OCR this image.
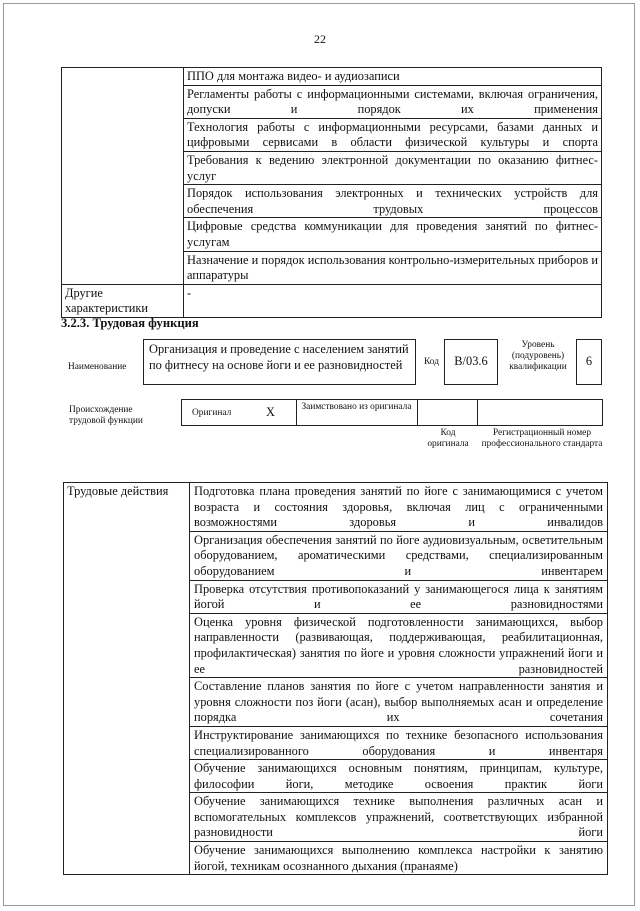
22
	ППО для монтажа видео- и аудиозаписи
	Регламенты работы с информационными системами, включая ограничения, допуски и порядок их применения
	Технология работы с информационными ресурсами, базами данных и цифровыми сервисами в области физической культуры и спорта
	Требования к ведению электронной документации по оказанию фитнес-услуг
	Порядок использования электронных и технических устройств для обеспечения трудовых процессов
	Цифровые средства коммуникации для проведения занятий по фитнес-услугам
	Назначение и порядок использования контрольно-измерительных приборов и аппаратуры
Другие характеристики	-
3.2.3. Трудовая функция
Наименование
Организация и проведение с населением занятий по фитнесу на основе йоги и ее разновидностей	Код	B/03.6
Уровень (подуровень) квалификации	6
Происхождение трудовой функции
Оригинал	X	Заимствовано из оригинала
Код оригинала
Регистрационный номер профессионального стандарта
Трудовые действия	Подготовка плана проведения занятий по йоге с занимающимися с учетом возраста и состояния здоровья, включая лиц с ограниченными возможностями здоровья и инвалидов
Организация обеспечения занятий по йоге аудиовизуальным, осветительным оборудованием, ароматическими средствами, специализированным оборудованием и инвентарем
Проверка отсутствия противопоказаний у занимающегося лица к занятиям йогой и ее разновидностями
Оценка уровня физической подготовленности занимающихся, выбор направленности (развивающая, поддерживающая, реабилитационная, профилактическая) занятия по йоге и уровня сложности упражнений йоги и ее разновидностей
Составление планов занятия по йоге с учетом направленности занятия и уровня сложности поз йоги (асан), выбор выполняемых асан и определение порядка их сочетания
Инструктирование занимающихся по технике безопасного использования специализированного оборудования и инвентаря
Обучение занимающихся основным понятиям, принципам, культуре, философии йоги, методике освоения практик йоги
Обучение занимающихся технике выполнения различных асан и вспомогательных комплексов упражнений, соответствующих избранной разновидности йоги
Обучение занимающихся выполнению комплекса настройки к занятию йогой, техникам осознанного дыхания (пранаяме)
